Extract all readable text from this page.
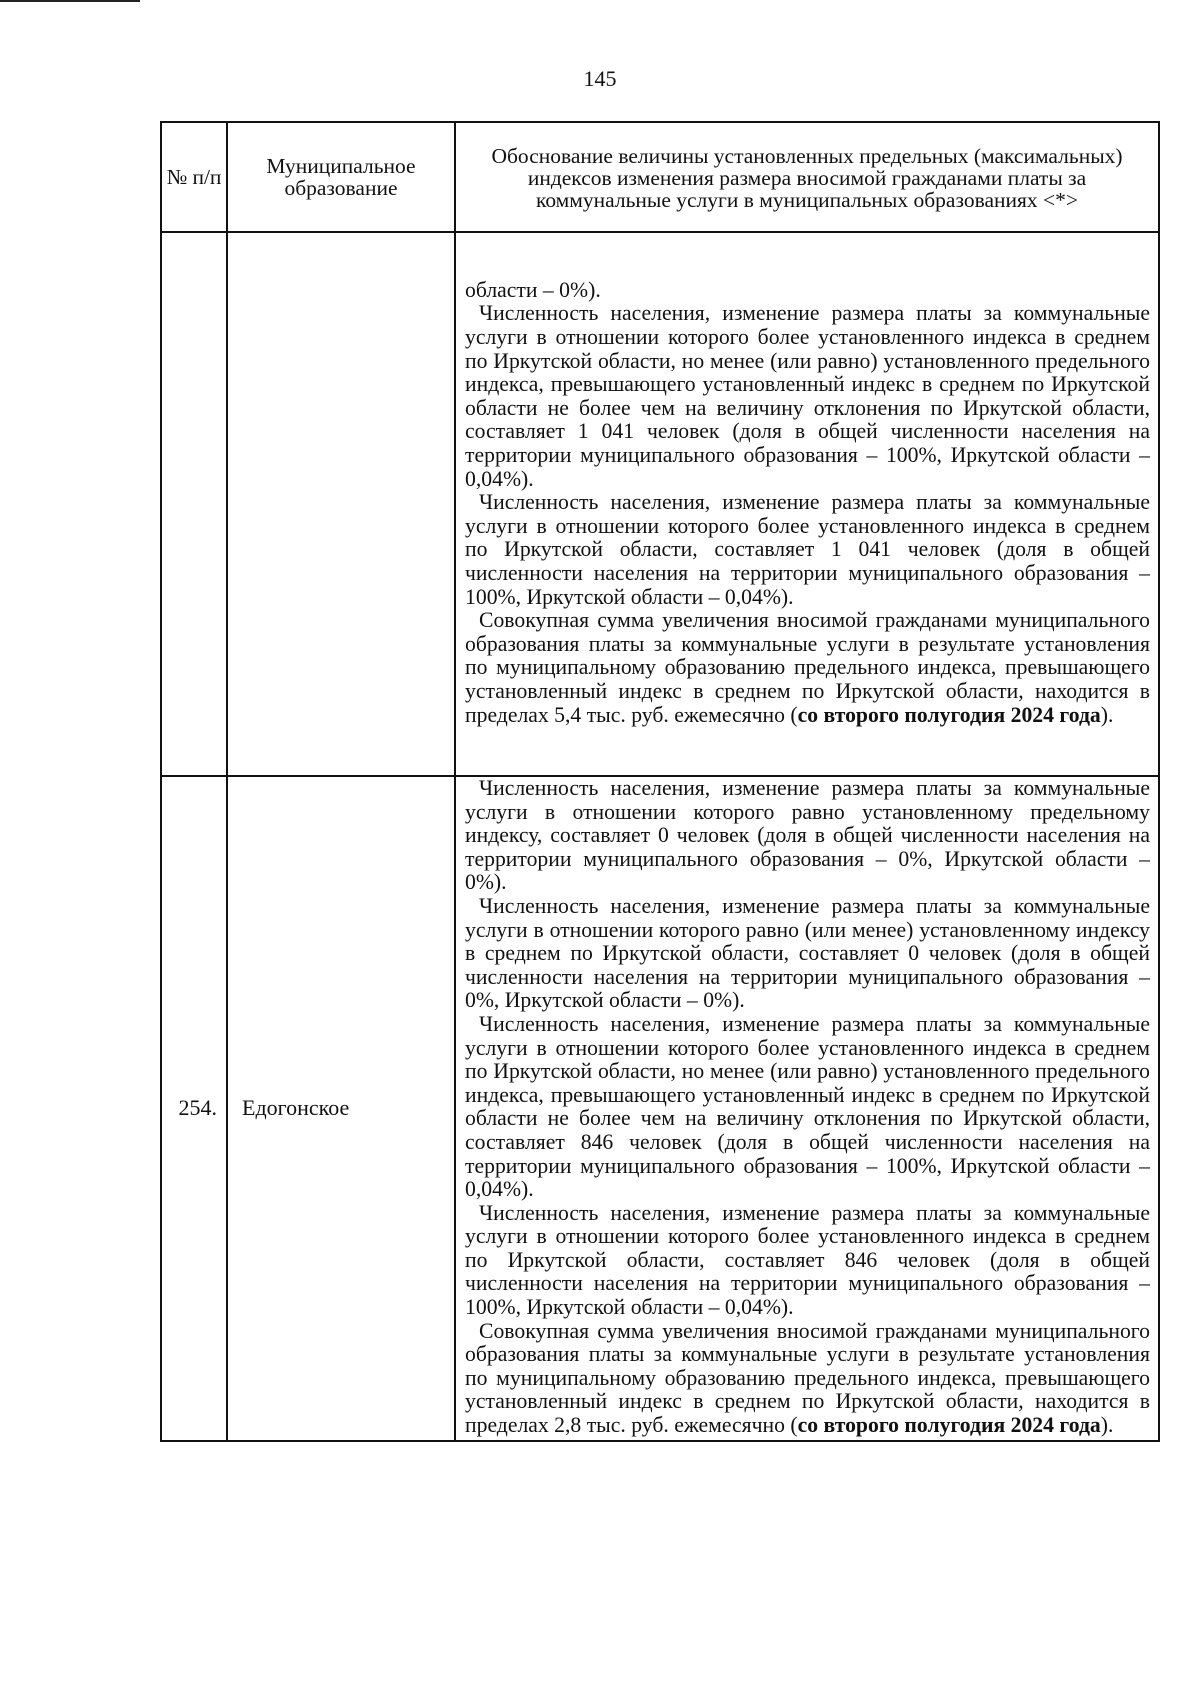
145
№ п/п	Муниципальное образование	Обоснование величины установленных предельных (максимальных) индексов изменения размера вносимой гражданами платы за коммунальные услуги в муниципальных образованиях <*>

		области – 0%).

Численность населения, изменение размера платы за коммунальные услуги в отношении которого более установленного индекса в среднем по Иркутской области, но менее (или равно) установленного предельного индекса, превышающего установленный индекс в среднем по Иркутской области не более чем на величину отклонения по Иркутской области, составляет 1 041 человек (доля в общей численности населения на территории муниципального образования – 100%, Иркутской области – 0,04%).

Численность населения, изменение размера платы за коммунальные услуги в отношении которого более установленного индекса в среднем по Иркутской области, составляет 1 041 человек (доля в общей численности населения на территории муниципального образования – 100%, Иркутской области – 0,04%).

Совокупная сумма увеличения вносимой гражданами муниципального образования платы за коммунальные услуги в результате установления по муниципальному образованию предельного индекса, превышающего установленный индекс в среднем по Иркутской области, находится в пределах 5,4 тыс. руб. ежемесячно (со второго полугодия 2024 года).

254.	Едогонское	Численность населения, изменение размера платы за коммунальные услуги в отношении которого равно установленному предельному индексу, составляет 0 человек (доля в общей численности населения на территории муниципального образования – 0%, Иркутской области – 0%).

Численность населения, изменение размера платы за коммунальные услуги в отношении которого равно (или менее) установленному индексу в среднем по Иркутской области, составляет 0 человек (доля в общей численности населения на территории муниципального образования – 0%, Иркутской области – 0%).

Численность населения, изменение размера платы за коммунальные услуги в отношении которого более установленного индекса в среднем по Иркутской области, но менее (или равно) установленного предельного индекса, превышающего установленный индекс в среднем по Иркутской области не более чем на величину отклонения по Иркутской области, составляет 846 человек (доля в общей численности населения на территории муниципального образования – 100%, Иркутской области – 0,04%).

Численность населения, изменение размера платы за коммунальные услуги в отношении которого более установленного индекса в среднем по Иркутской области, составляет 846 человек (доля в общей численности населения на территории муниципального образования – 100%, Иркутской области – 0,04%).

Совокупная сумма увеличения вносимой гражданами муниципального образования платы за коммунальные услуги в результате установления по муниципальному образованию предельного индекса, превышающего установленный индекс в среднем по Иркутской области, находится в пределах 2,8 тыс. руб. ежемесячно (со второго полугодия 2024 года).
